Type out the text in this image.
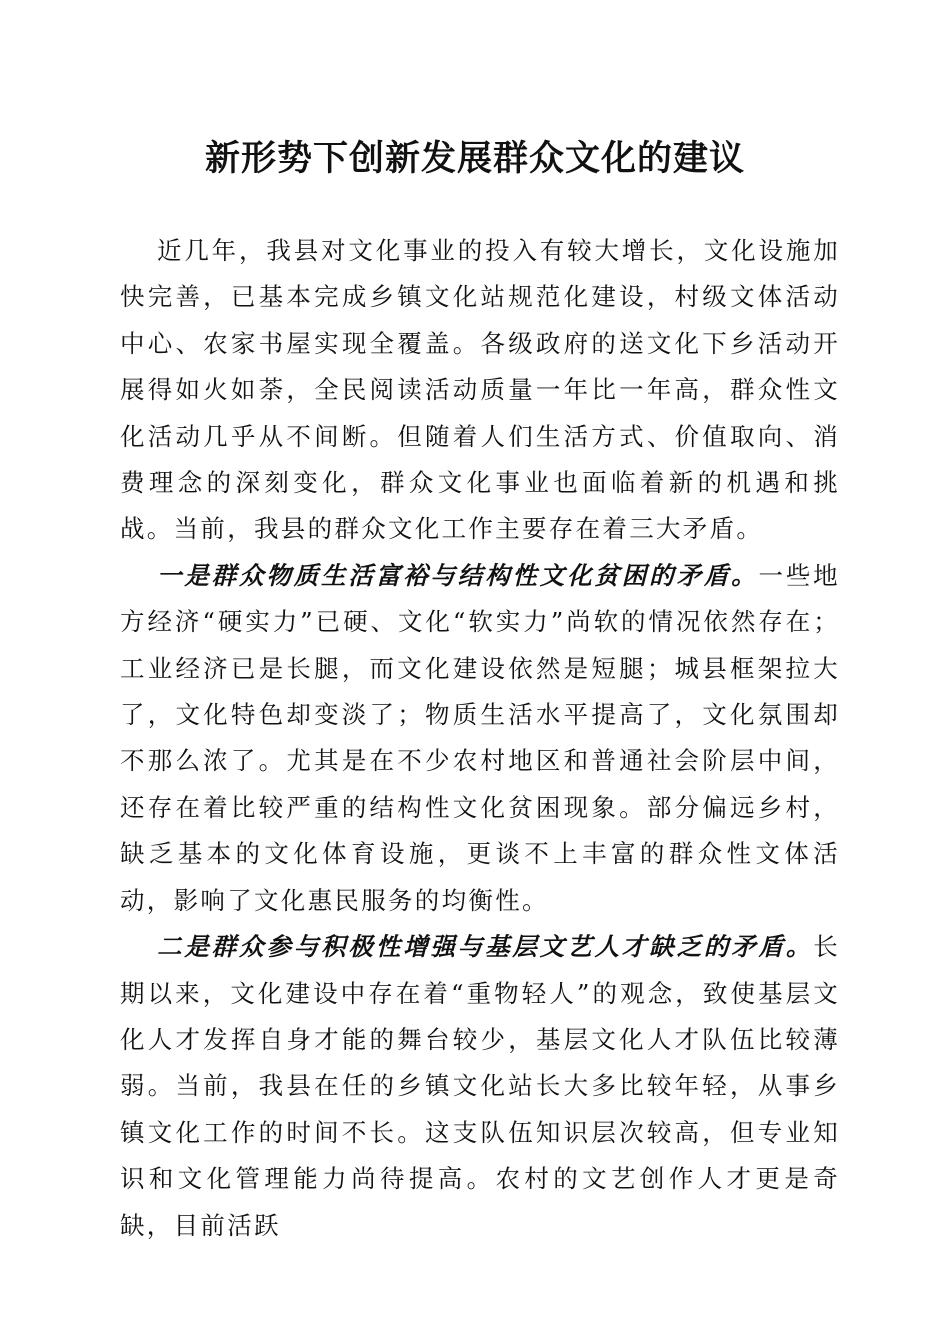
新形势下创新发展群众文化的建议

近几年，我县对文化事业的投入有较大增长，文化设施加快完善，已基本完成乡镇文化站规范化建设，村级文体活动中心、农家书屋实现全覆盖。各级政府的送文化下乡活动开展得如火如荼，全民阅读活动质量一年比一年高，群众性文化活动几乎从不间断。但随着人们生活方式、价值取向、消费理念的深刻变化，群众文化事业也面临着新的机遇和挑战。当前，我县的群众文化工作主要存在着三大矛盾。

一是群众物质生活富裕与结构性文化贫困的矛盾。一些地方经济“硬实力”已硬、文化“软实力”尚软的情况依然存在；工业经济已是长腿，而文化建设依然是短腿；城县框架拉大了，文化特色却变淡了；物质生活水平提高了，文化氛围却不那么浓了。尤其是在不少农村地区和普通社会阶层中间，还存在着比较严重的结构性文化贫困现象。部分偏远乡村，缺乏基本的文化体育设施，更谈不上丰富的群众性文体活动，影响了文化惠民服务的均衡性。

二是群众参与积极性增强与基层文艺人才缺乏的矛盾。长期以来，文化建设中存在着“重物轻人”的观念，致使基层文化人才发挥自身才能的舞台较少，基层文化人才队伍比较薄弱。当前，我县在任的乡镇文化站长大多比较年轻，从事乡镇文化工作的时间不长。这支队伍知识层次较高，但专业知识和文化管理能力尚待提高。农村的文艺创作人才更是奇缺，目前活跃
